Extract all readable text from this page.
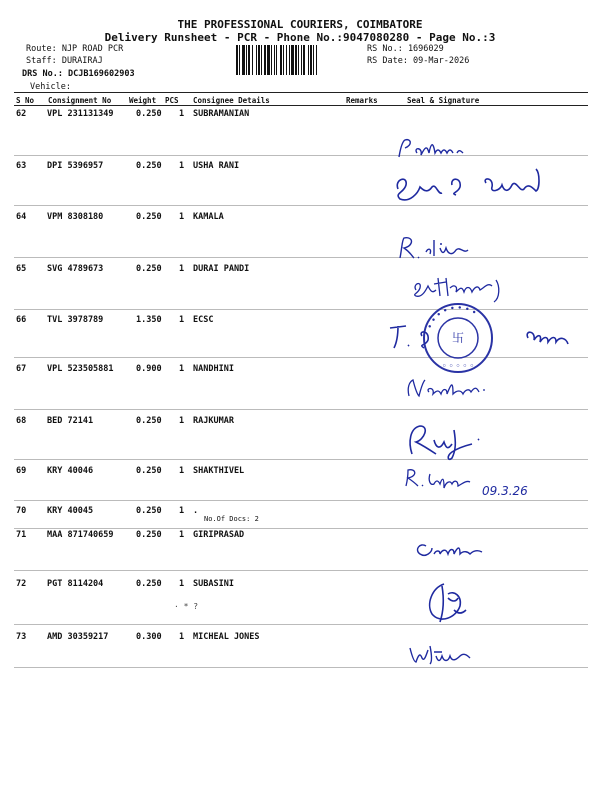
THE PROFESSIONAL COURIERS, COIMBATORE
Delivery Runsheet - PCR - Phone No.:9047080280 - Page No.:3
Route: NJP ROAD PCR
Staff: DURAIRAJ
DRS No.: DCJB169602903
Vehicle:
RS No.: 1696029
RS Date: 09-Mar-2026
S No Consignment No Weight PCS Consignee Details	Remarks	Seal & Signature
62 VPL 231131349	0.250 1 SUBRAMANIAN
63 DPI 5396957	0.250 1 USHA RANI
64 VPM 8308180	0.250 1 KAMALA
65 SVG 4789673	0.250 1 DURAI PANDI
66 TVL 3978789	1.350 1 ECSC
67 VPL 523505881	0.900 1 NANDHINI
68 BED 72141	0.250 1 RAJKUMAR
69 KRY 40046	0.250 1 SHAKTHIVEL
70 KRY 40045	0.250 1 .
71 MAA 871740659	0.250 1 GIRIPRASAD
72 PGT 8114204	0.250 1 SUBASINI
73 AMD 30359217	0.300 1 MICHEAL JONES
No.Of Docs: 2
· * ?
卐
• • • • • • • •
◦ ◦ ◦ ◦ ◦
09.3.26
